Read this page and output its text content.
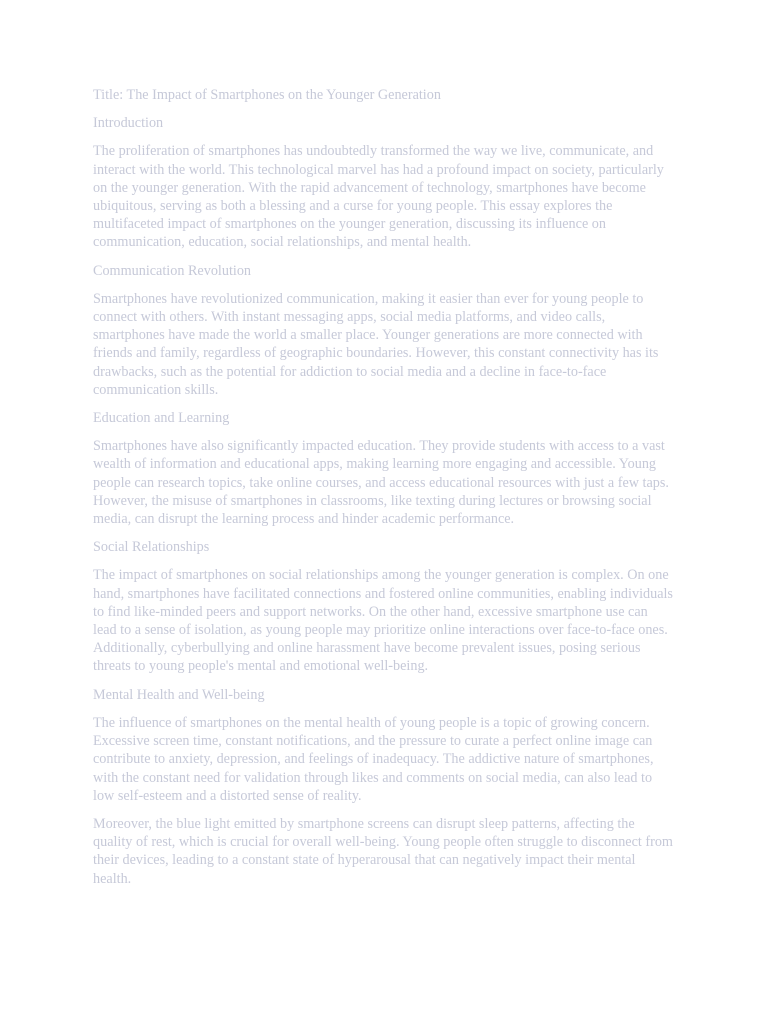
Title: The Impact of Smartphones on the Younger Generation
Introduction

The proliferation of smartphones has undoubtedly transformed the way we live, communicate, and interact with the world. This technological marvel has had a profound impact on society, particularly on the younger generation. With the rapid advancement of technology, smartphones have become ubiquitous, serving as both a blessing and a curse for young people. This essay explores the multifaceted impact of smartphones on the younger generation, discussing its influence on communication, education, social relationships, and mental health.

Communication Revolution

Smartphones have revolutionized communication, making it easier than ever for young people to connect with others. With instant messaging apps, social media platforms, and video calls, smartphones have made the world a smaller place. Younger generations are more connected with friends and family, regardless of geographic boundaries. However, this constant connectivity has its drawbacks, such as the potential for addiction to social media and a decline in face-to-face communication skills.

Education and Learning

Smartphones have also significantly impacted education. They provide students with access to a vast wealth of information and educational apps, making learning more engaging and accessible. Young people can research topics, take online courses, and access educational resources with just a few taps. However, the misuse of smartphones in classrooms, like texting during lectures or browsing social media, can disrupt the learning process and hinder academic performance.

Social Relationships

The impact of smartphones on social relationships among the younger generation is complex. On one hand, smartphones have facilitated connections and fostered online communities, enabling individuals to find like-minded peers and support networks. On the other hand, excessive smartphone use can lead to a sense of isolation, as young people may prioritize online interactions over face-to-face ones. Additionally, cyberbullying and online harassment have become prevalent issues, posing serious threats to young people's mental and emotional well-being.

Mental Health and Well-being

The influence of smartphones on the mental health of young people is a topic of growing concern. Excessive screen time, constant notifications, and the pressure to curate a perfect online image can contribute to anxiety, depression, and feelings of inadequacy. The addictive nature of smartphones, with the constant need for validation through likes and comments on social media, can also lead to low self-esteem and a distorted sense of reality.

Moreover, the blue light emitted by smartphone screens can disrupt sleep patterns, affecting the quality of rest, which is crucial for overall well-being. Young people often struggle to disconnect from their devices, leading to a constant state of hyperarousal that can negatively impact their mental health.
